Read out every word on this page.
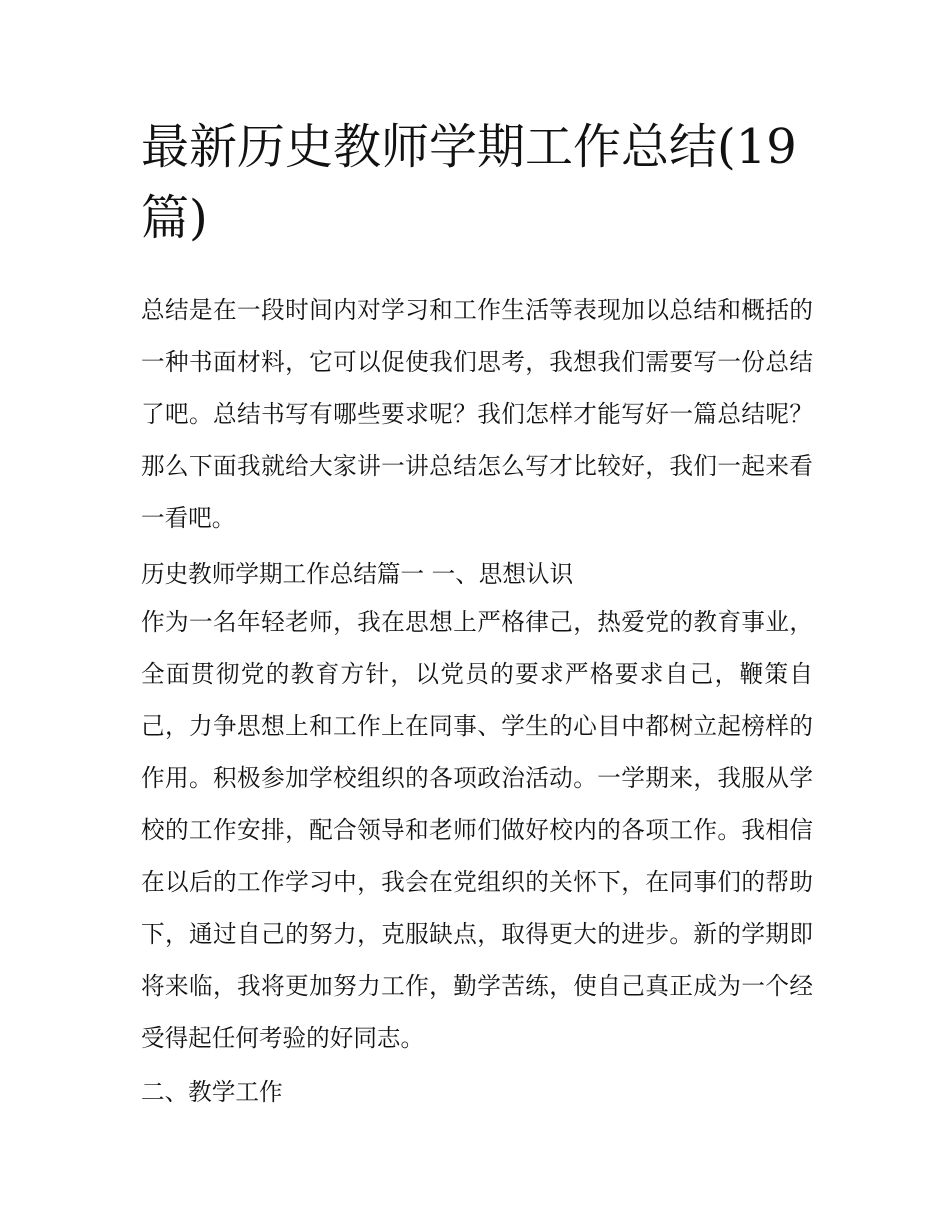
最新历史教师学期工作总结(19篇)

总结是在一段时间内对学习和工作生活等表现加以总结和概括的一种书面材料，它可以促使我们思考，我想我们需要写一份总结了吧。总结书写有哪些要求呢？我们怎样才能写好一篇总结呢？那么下面我就给大家讲一讲总结怎么写才比较好，我们一起来看一看吧。

历史教师学期工作总结篇一 一、思想认识

作为一名年轻老师，我在思想上严格律己，热爱党的教育事业，全面贯彻党的教育方针，以党员的要求严格要求自己，鞭策自己，力争思想上和工作上在同事、学生的心目中都树立起榜样的作用。积极参加学校组织的各项政治活动。一学期来，我服从学校的工作安排，配合领导和老师们做好校内的各项工作。我相信在以后的工作学习中，我会在党组织的关怀下，在同事们的帮助下，通过自己的努力，克服缺点，取得更大的进步。新的学期即将来临，我将更加努力工作，勤学苦练，使自己真正成为一个经受得起任何考验的好同志。

二、教学工作
